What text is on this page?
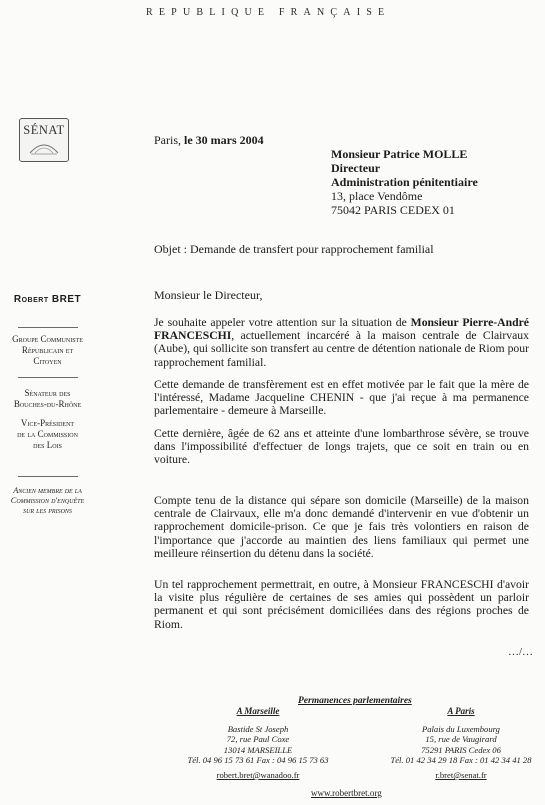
REPUBLIQUE FRANÇAISE
SÉNAT
Robert BRET
Groupe Communiste
Républicain et
Citoyen
Sénateur des
Bouches-du-Rhône
Vice-Président
de la Commission
des Lois
Ancien membre de la
Commission d'enquête
sur les prisons
Paris, le 30 mars 2004
Monsieur Patrice MOLLE
Directeur
Administration pénitentiaire
13, place Vendôme
75042 PARIS CEDEX 01
Objet : Demande de transfert pour rapprochement familial
Monsieur le Directeur,
Je souhaite appeler votre attention sur la situation de Monsieur Pierre-André FRANCESCHI, actuellement incarcéré à la maison centrale de Clairvaux (Aube), qui sollicite son transfert au centre de détention nationale de Riom pour rapprochement familial.
Cette demande de transfèrement est en effet motivée par le fait que la mère de l'intéressé, Madame Jacqueline CHENIN - que j'ai reçue à ma permanence parlementaire - demeure à Marseille.
Cette dernière, âgée de 62 ans et atteinte d'une lombarthrose sévère, se trouve dans l'impossibilité d'effectuer de longs trajets, que ce soit en train ou en voiture.
Compte tenu de la distance qui sépare son domicile (Marseille) de la maison centrale de Clairvaux, elle m'a donc demandé d'intervenir en vue d'obtenir un rapprochement domicile-prison. Ce que je fais très volontiers en raison de l'importance que j'accorde au maintien des liens familiaux qui permet une meilleure réinsertion du détenu dans la société.
Un tel rapprochement permettrait, en outre, à Monsieur FRANCESCHI d'avoir la visite plus régulière de certaines de ses amies qui possèdent un parloir permanent et qui sont précisément domiciliées dans des régions proches de Riom.
…/…
Permanences parlementaires
A Marseille
Bastide St Joseph
72, rue Paul Coxe
13014 MARSEILLE
Tél. 04 96 15 73 61 Fax : 04 96 15 73 63
robert.bret@wanadoo.fr
A Paris
Palais du Luxembourg
15, rue de Vaugirard
75291 PARIS Cedex 06
Tél. 01 42 34 29 18 Fax : 01 42 34 41 28
r.bret@senat.fr
www.robertbret.org
